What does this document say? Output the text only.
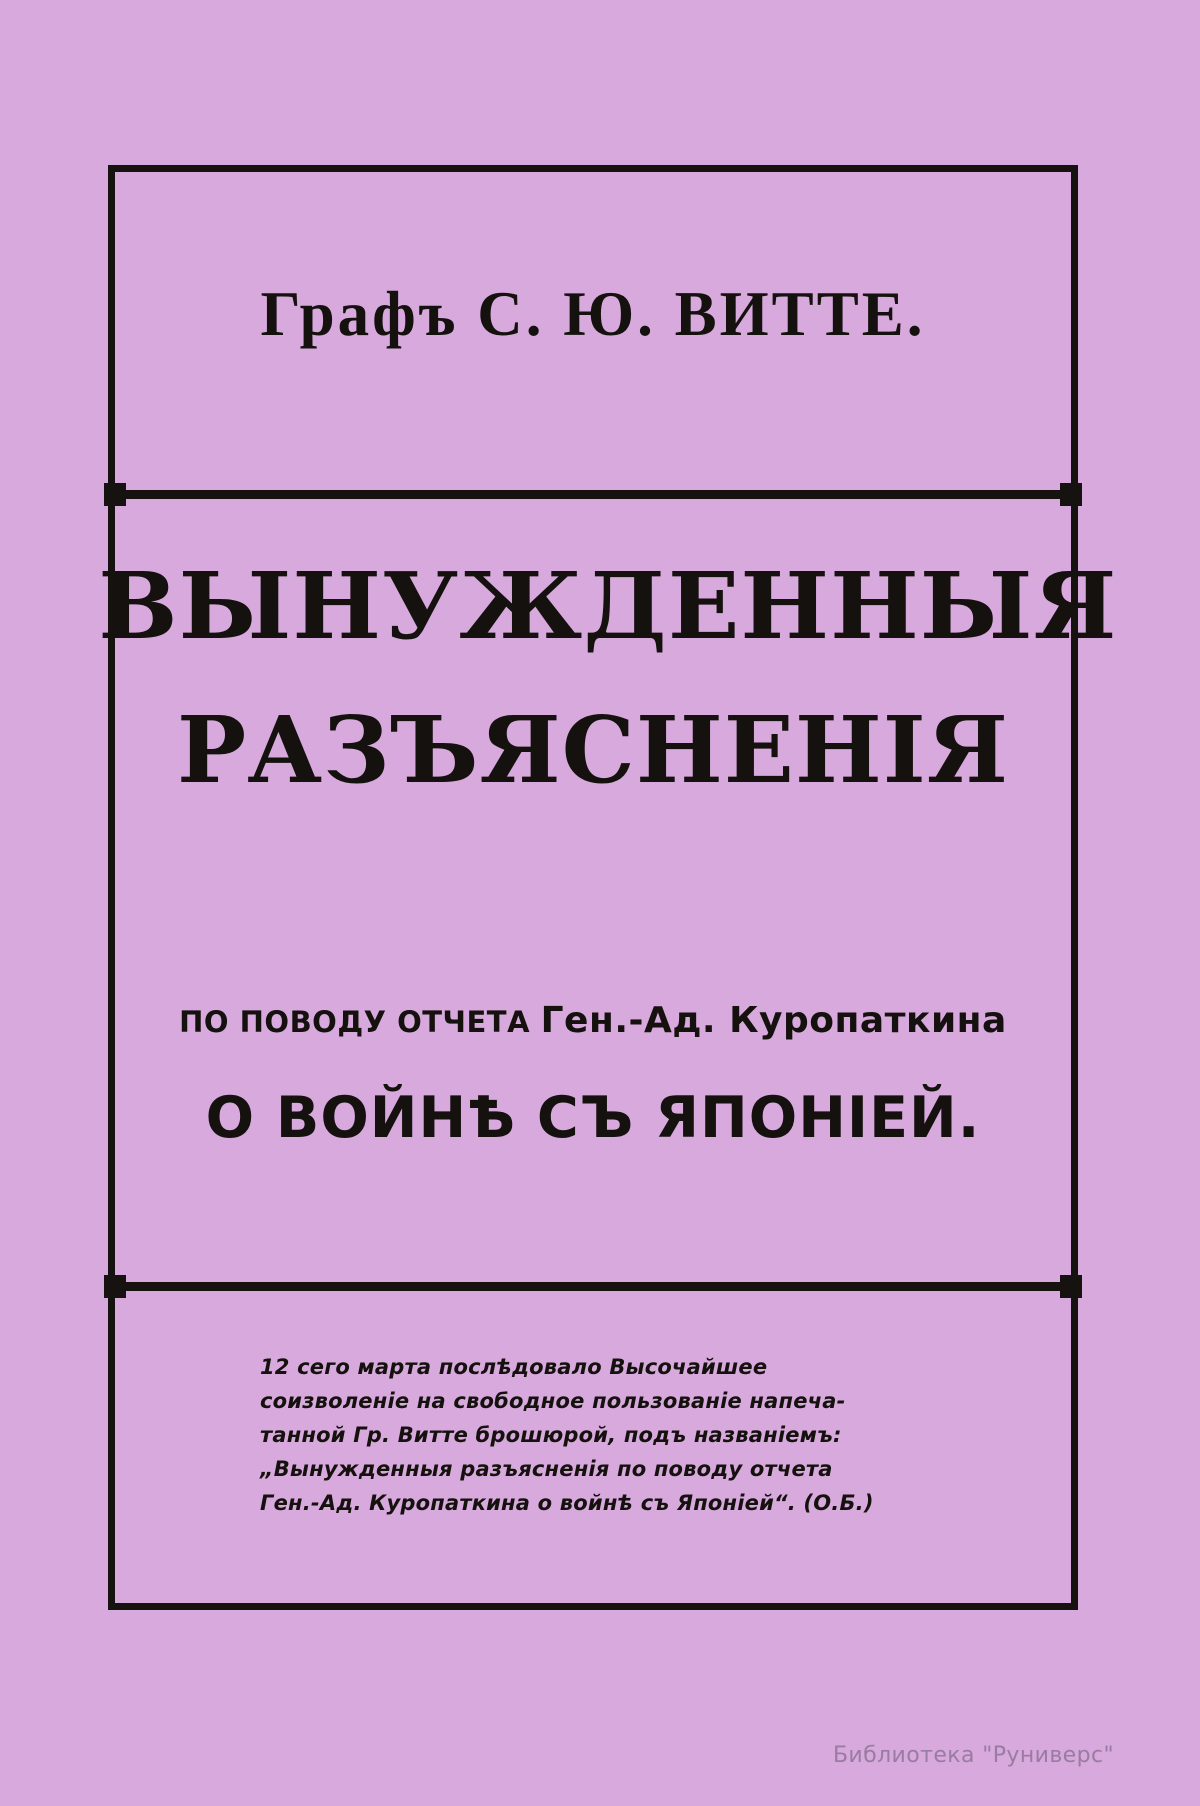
Графъ С. Ю. ВИТТЕ.
ВЫНУЖДЕННЫЯ
РАЗЪЯСНЕНІЯ
ПО ПОВОДУ ОТЧЕТА Ген.-Ад. Куропаткина
О ВОЙНѢ СЪ ЯПОНІЕЙ.
12 сего марта послѣдовало Высочайшее
соизволеніе на свободное пользованіе напеча-
танной Гр. Витте брошюрой, подъ названіемъ:
„Вынужденныя разъясненія по поводу отчета
Ген.-Ад. Куропаткина о войнѣ съ Японіей“. (О.Б.)
Библиотека "Руниверс"
